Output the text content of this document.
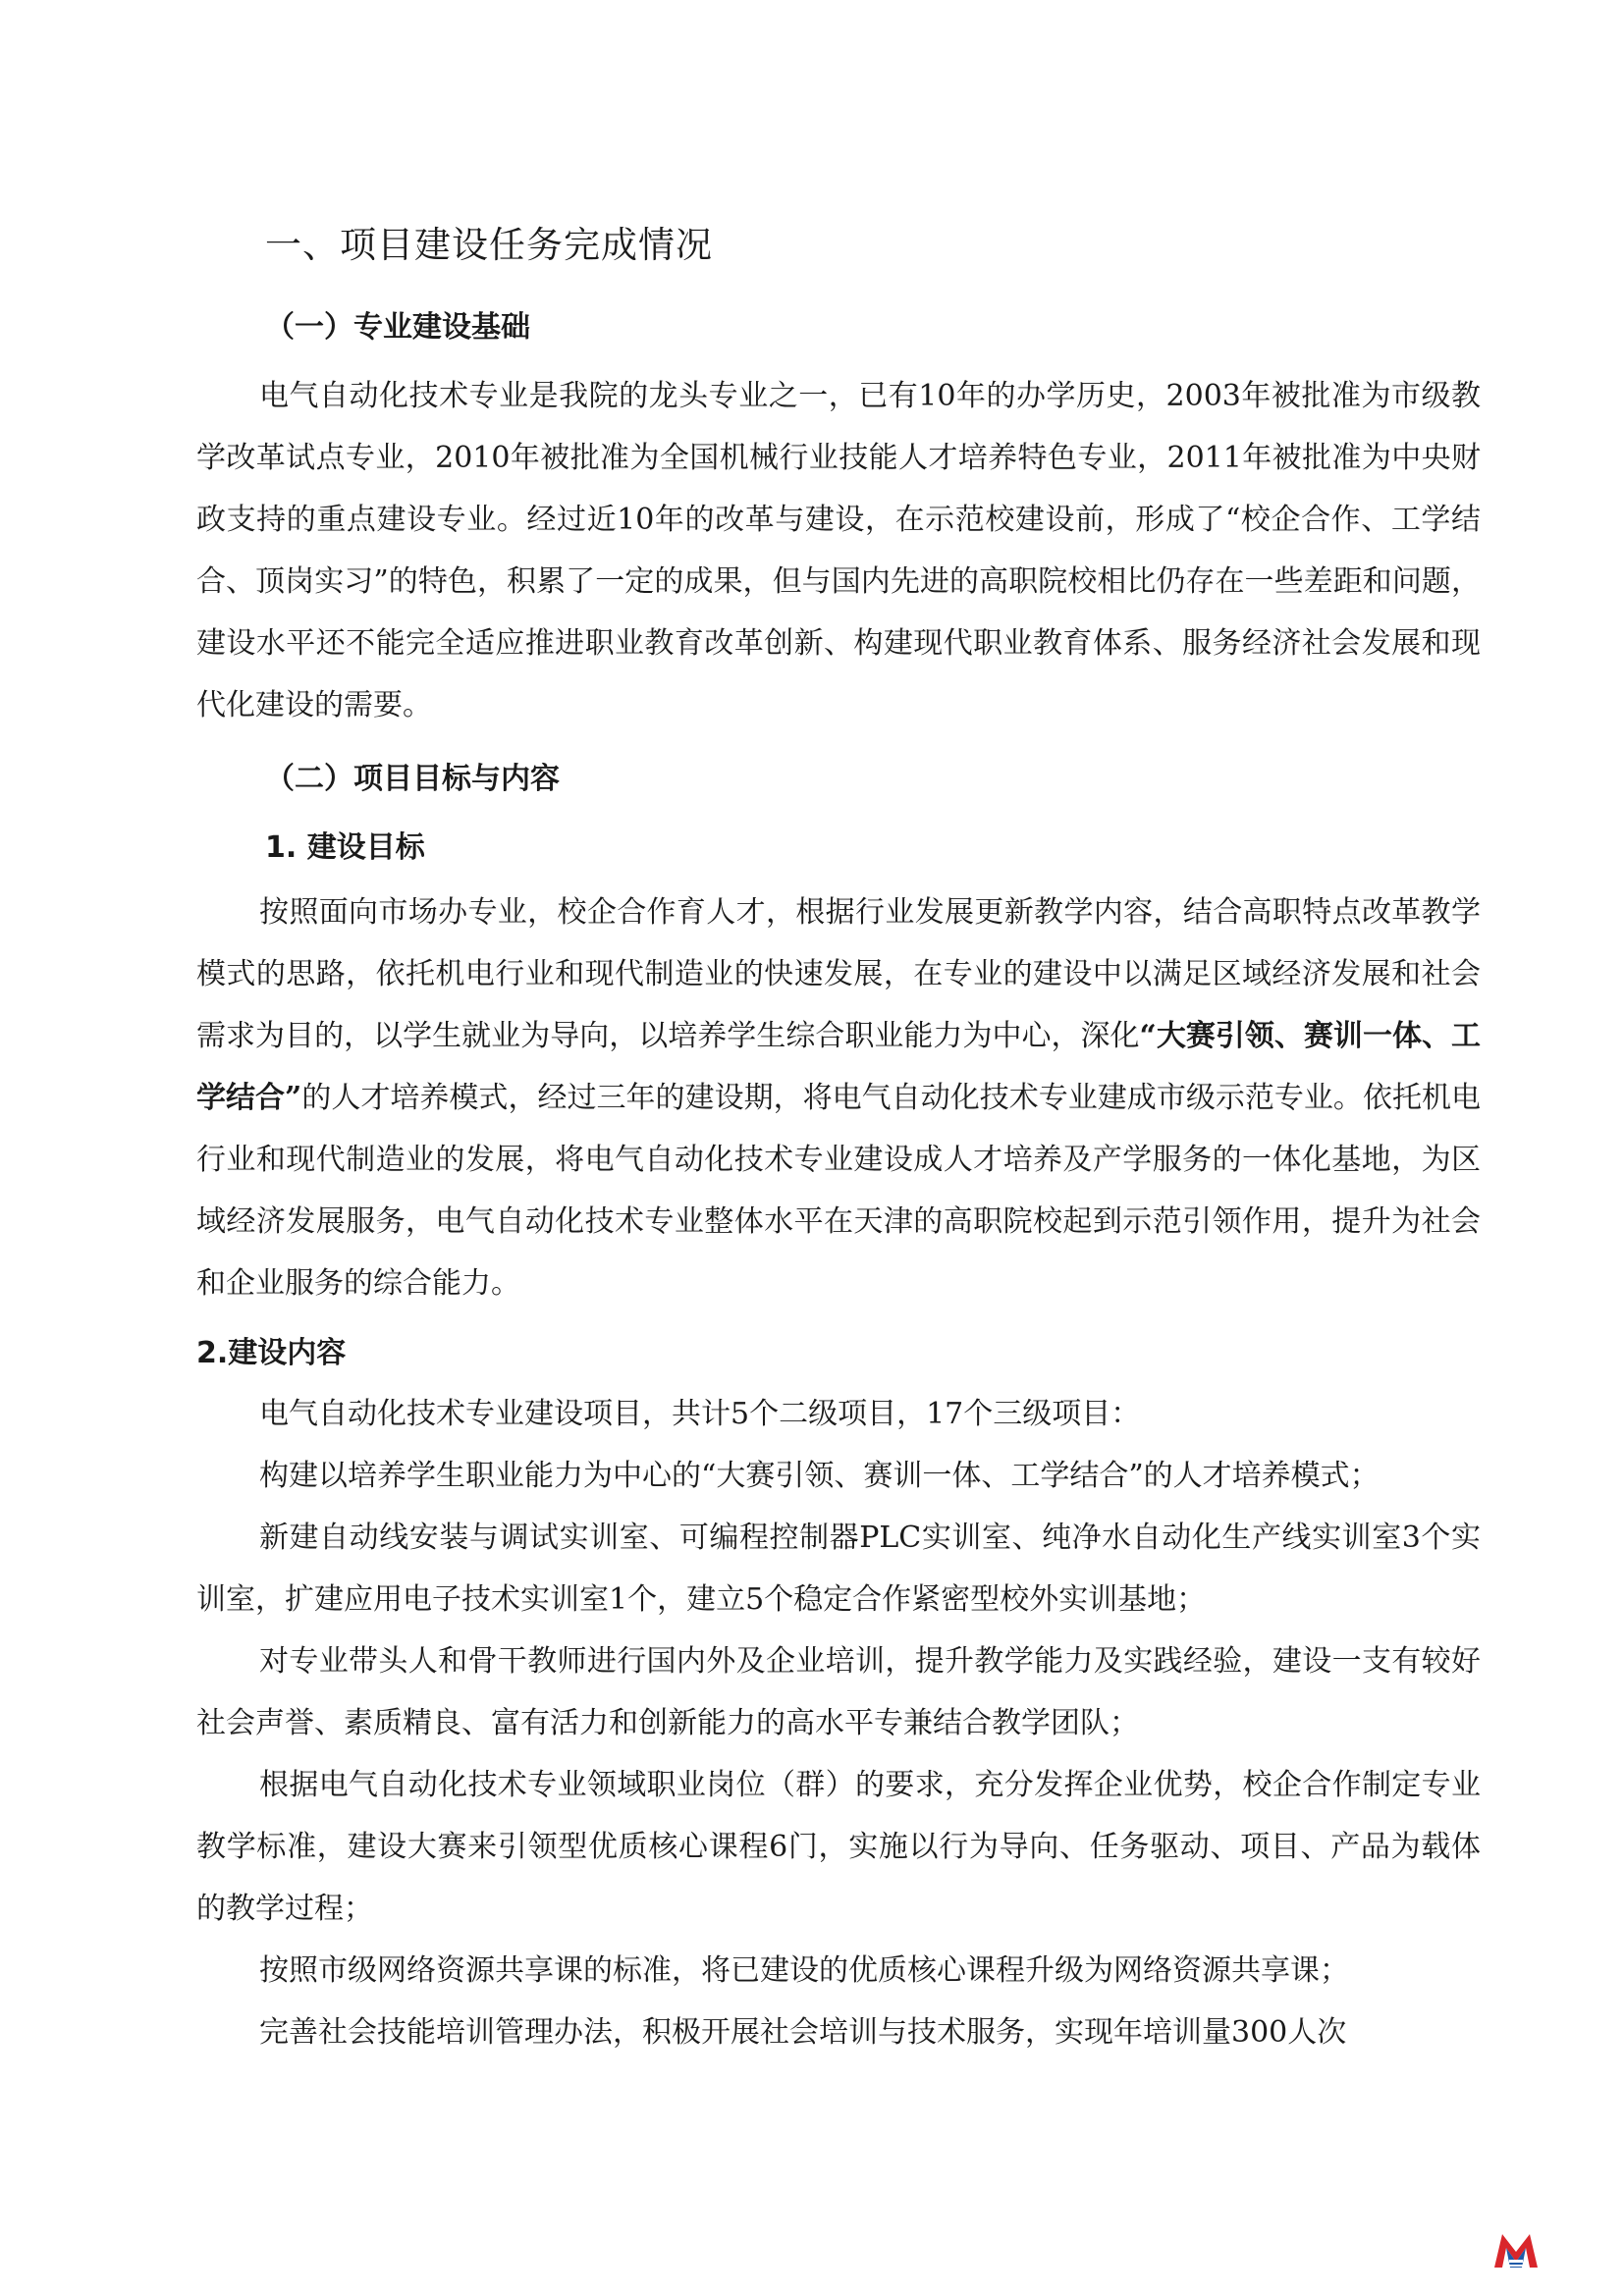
一、项目建设任务完成情况
（一）专业建设基础

电气自动化技术专业是我院的龙头专业之一，已有10年的办学历史，2003年被批准为市级教学改革试点专业，2010年被批准为全国机械行业技能人才培养特色专业，2011年被批准为中央财政支持的重点建设专业。经过近10年的改革与建设，在示范校建设前，形成了“校企合作、工学结合、顶岗实习”的特色，积累了一定的成果，但与国内先进的高职院校相比仍存在一些差距和问题，建设水平还不能完全适应推进职业教育改革创新、构建现代职业教育体系、服务经济社会发展和现代化建设的需要。

（二）项目目标与内容
1. 建设目标

按照面向市场办专业，校企合作育人才，根据行业发展更新教学内容，结合高职特点改革教学模式的思路，依托机电行业和现代制造业的快速发展，在专业的建设中以满足区域经济发展和社会需求为目的，以学生就业为导向，以培养学生综合职业能力为中心，深化“大赛引领、赛训一体、工学结合”的人才培养模式，经过三年的建设期，将电气自动化技术专业建成市级示范专业。依托机电行业和现代制造业的发展，将电气自动化技术专业建设成人才培养及产学服务的一体化基地，为区域经济发展服务，电气自动化技术专业整体水平在天津的高职院校起到示范引领作用，提升为社会和企业服务的综合能力。

2.建设内容

电气自动化技术专业建设项目，共计5个二级项目，17个三级项目：

构建以培养学生职业能力为中心的“大赛引领、赛训一体、工学结合”的人才培养模式；

新建自动线安装与调试实训室、可编程控制器PLC实训室、纯净水自动化生产线实训室3个实训室，扩建应用电子技术实训室1个，建立5个稳定合作紧密型校外实训基地；

对专业带头人和骨干教师进行国内外及企业培训，提升教学能力及实践经验，建设一支有较好社会声誉、素质精良、富有活力和创新能力的高水平专兼结合教学团队；

根据电气自动化技术专业领域职业岗位（群）的要求，充分发挥企业优势，校企合作制定专业教学标准，建设大赛来引领型优质核心课程6门，实施以行为导向、任务驱动、项目、产品为载体的教学过程；

按照市级网络资源共享课的标准，将已建设的优质核心课程升级为网络资源共享课；

完善社会技能培训管理办法，积极开展社会培训与技术服务，实现年培训量300人次
